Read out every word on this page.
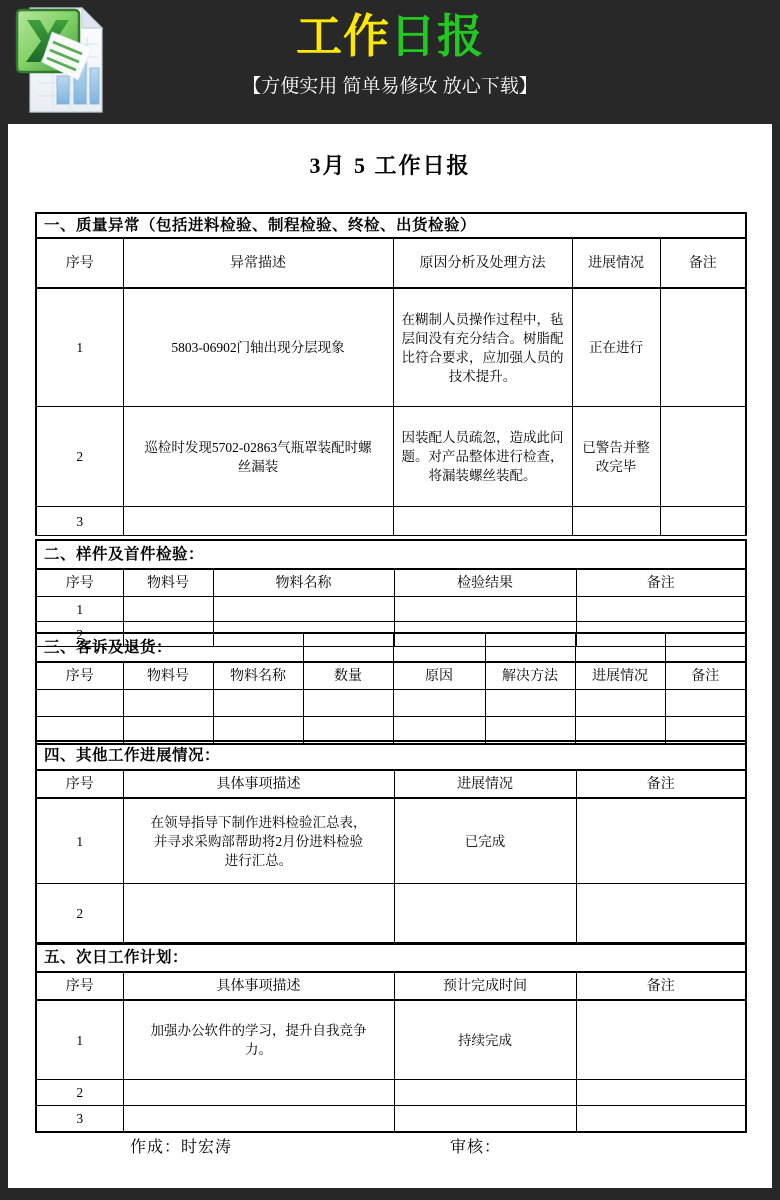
工作日报
【方便实用 简单易修改 放心下载】
3月 5 工作日报
一、质量异常（包括进料检验、制程检验、终检、出货检验）				
序号	异常描述	原因分析及处理方法	进展情况	备注
1	5803-06902门轴出现分层现象	在糊制人员操作过程中，毡层间没有充分结合。树脂配比符合要求，应加强人员的技术提升。	正在进行	
2	巡检时发现5702-02863气瓶罩装配时螺丝漏装	因装配人员疏忽，造成此问题。对产品整体进行检查，将漏装螺丝装配。	已警告并整改完毕	
3				
二、样件及首件检验：				
序号	物料号	物料名称	检验结果	备注
1				
2				
三、客诉及退货：							
序号	物料号	物料名称	数量	原因	解决方法	进展情况	备注

四、其他工作进展情况：			
序号	具体事项描述	进展情况	备注
1	在领导指导下制作进料检验汇总表，并寻求采购部帮助将2月份进料检验进行汇总。	已完成	
2			
五、次日工作计划：			
序号	具体事项描述	预计完成时间	备注
1	加强办公软件的学习，提升自我竞争力。	持续完成	
2			
3			
作成：时宏涛	审核：
